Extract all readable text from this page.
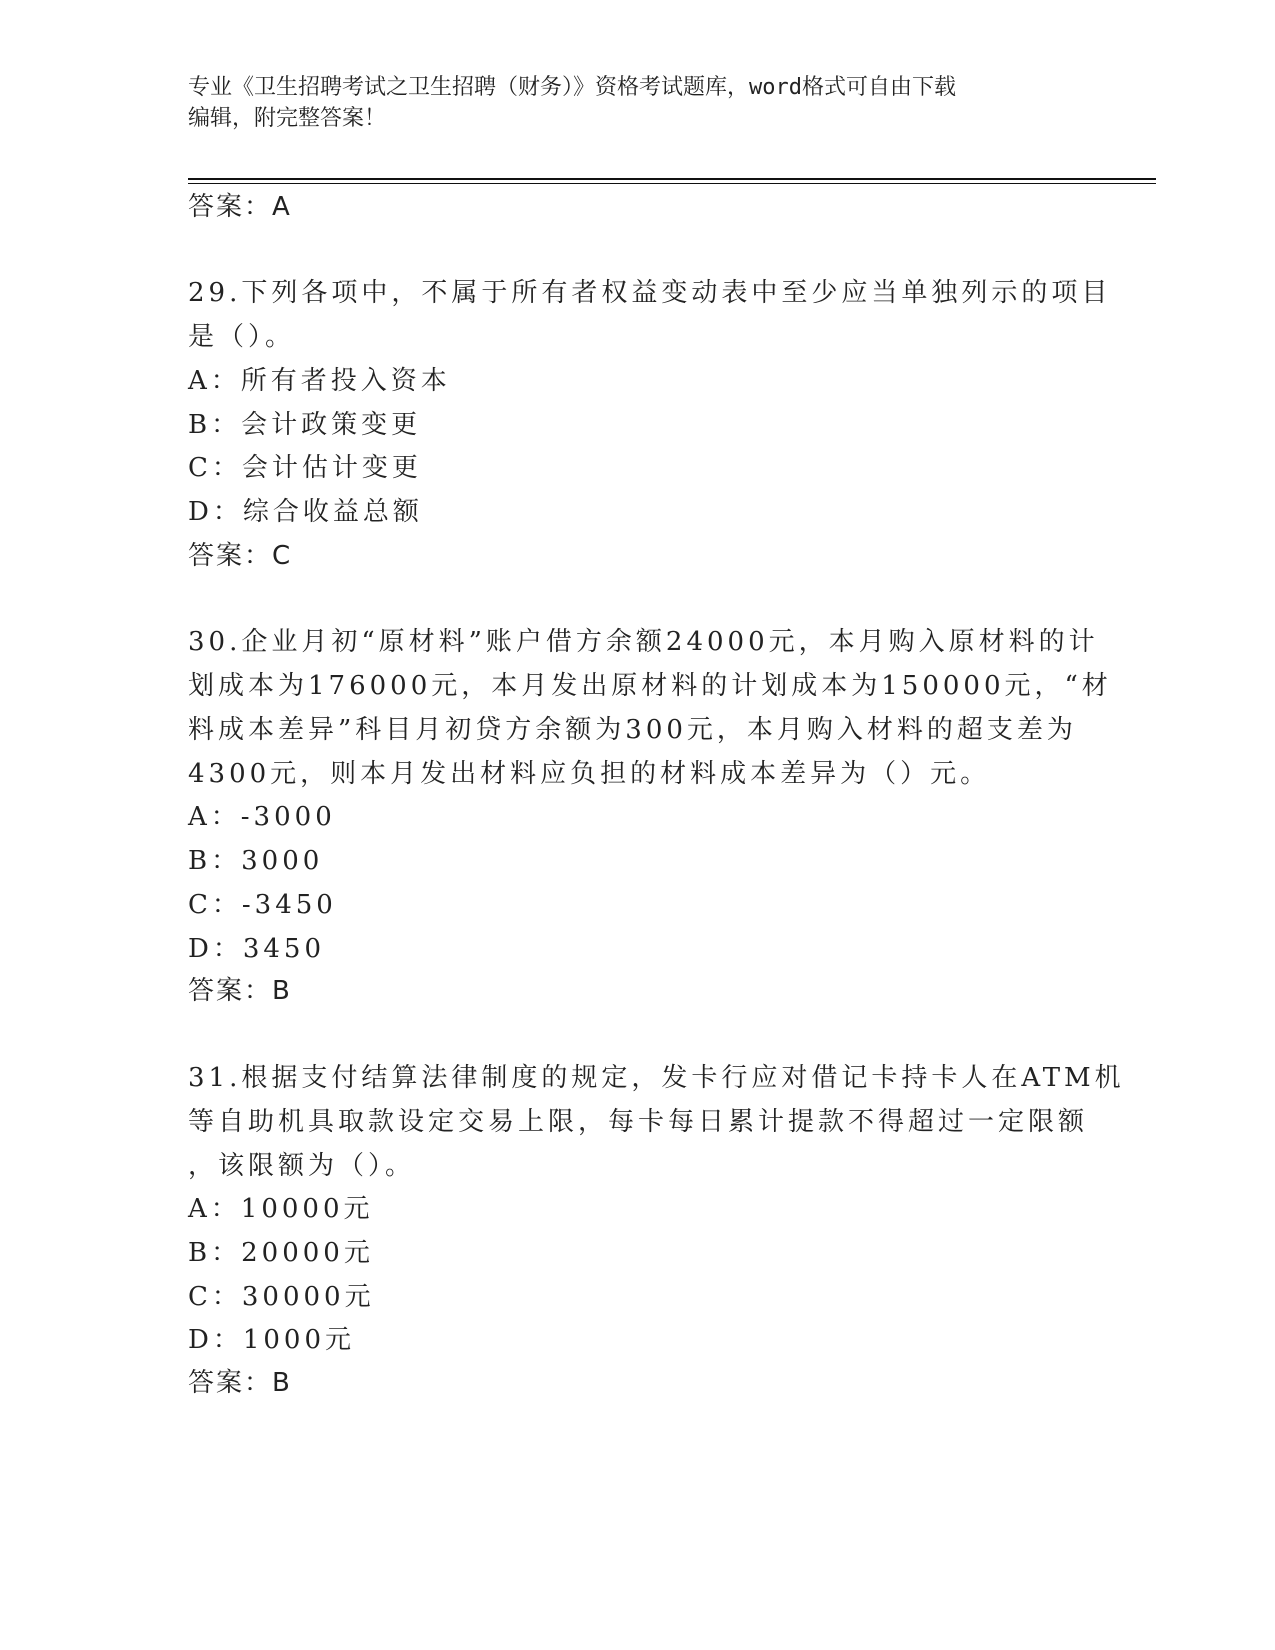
专业《卫生招聘考试之卫生招聘（财务）》资格考试题库，word格式可自由下载
编辑，附完整答案！
答案：A
29.下列各项中，不属于所有者权益变动表中至少应当单独列示的项目
是（）。
A：所有者投入资本
B：会计政策变更
C：会计估计变更
D：综合收益总额
答案：C
30.企业月初“原材料”账户借方余额24000元，本月购入原材料的计
划成本为176000元，本月发出原材料的计划成本为150000元，“材
料成本差异”科目月初贷方余额为300元，本月购入材料的超支差为
4300元，则本月发出材料应负担的材料成本差异为（）元。
A：-3000
B：3000
C：-3450
D：3450
答案：B
31.根据支付结算法律制度的规定，发卡行应对借记卡持卡人在ATM机
等自助机具取款设定交易上限，每卡每日累计提款不得超过一定限额
，该限额为（）。
A：10000元
B：20000元
C：30000元
D：1000元
答案：B
